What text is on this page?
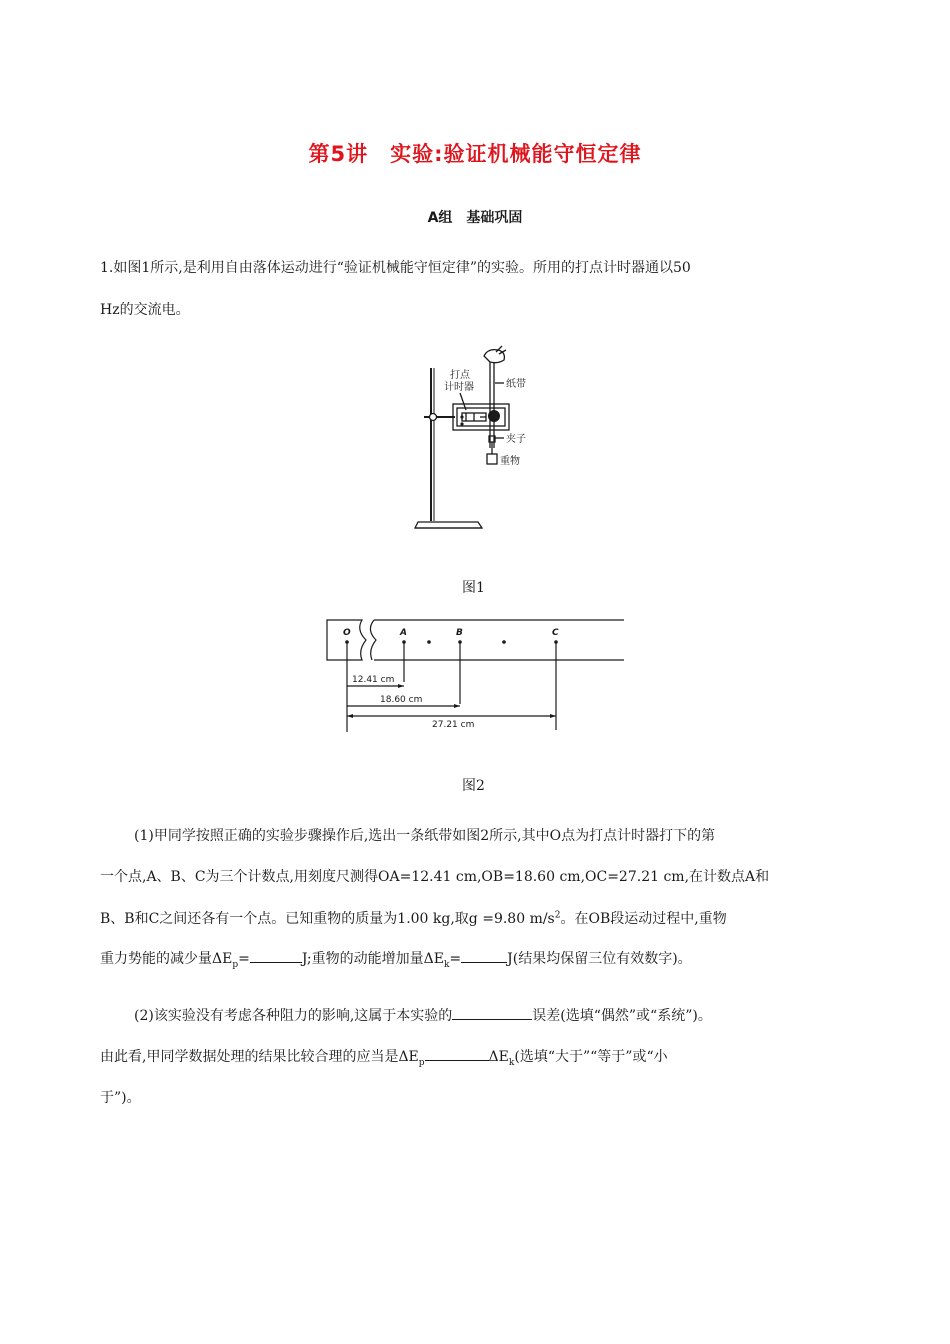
第5讲　实验:验证机械能守恒定律
A组　基础巩固
1.如图1所示,是利用自由落体运动进行“验证机械能守恒定律”的实验。所用的打点计时器通以50
Hz的交流电。
打点
计时器	纸带
夹子
重物
图1
O	A	B	C
12.41 cm
18.60 cm
27.21 cm
图2
(1)甲同学按照正确的实验步骤操作后,选出一条纸带如图2所示,其中O点为打点计时器打下的第
一个点,A、B、C为三个计数点,用刻度尺测得OA=12.41 cm,OB=18.60 cm,OC=27.21 cm,在计数点A和
B、B和C之间还各有一个点。已知重物的质量为1.00 kg,取g =9.80 $m/s^2$。在OB段运动过程中,重物
重力势能的减少量$\Delta E_p=$	J;重物的动能增加量$\Delta E_k=$	J(结果均保留三位有效数字)。
(2)该实验没有考虑各种阻力的影响,这属于本实验的	误差(选填“偶然”或“系统”)。
由此看,甲同学数据处理的结果比较合理的应当是$\Delta E_p$	$\Delta E_k$(选填“大于”“等于”或“小
于”)。
